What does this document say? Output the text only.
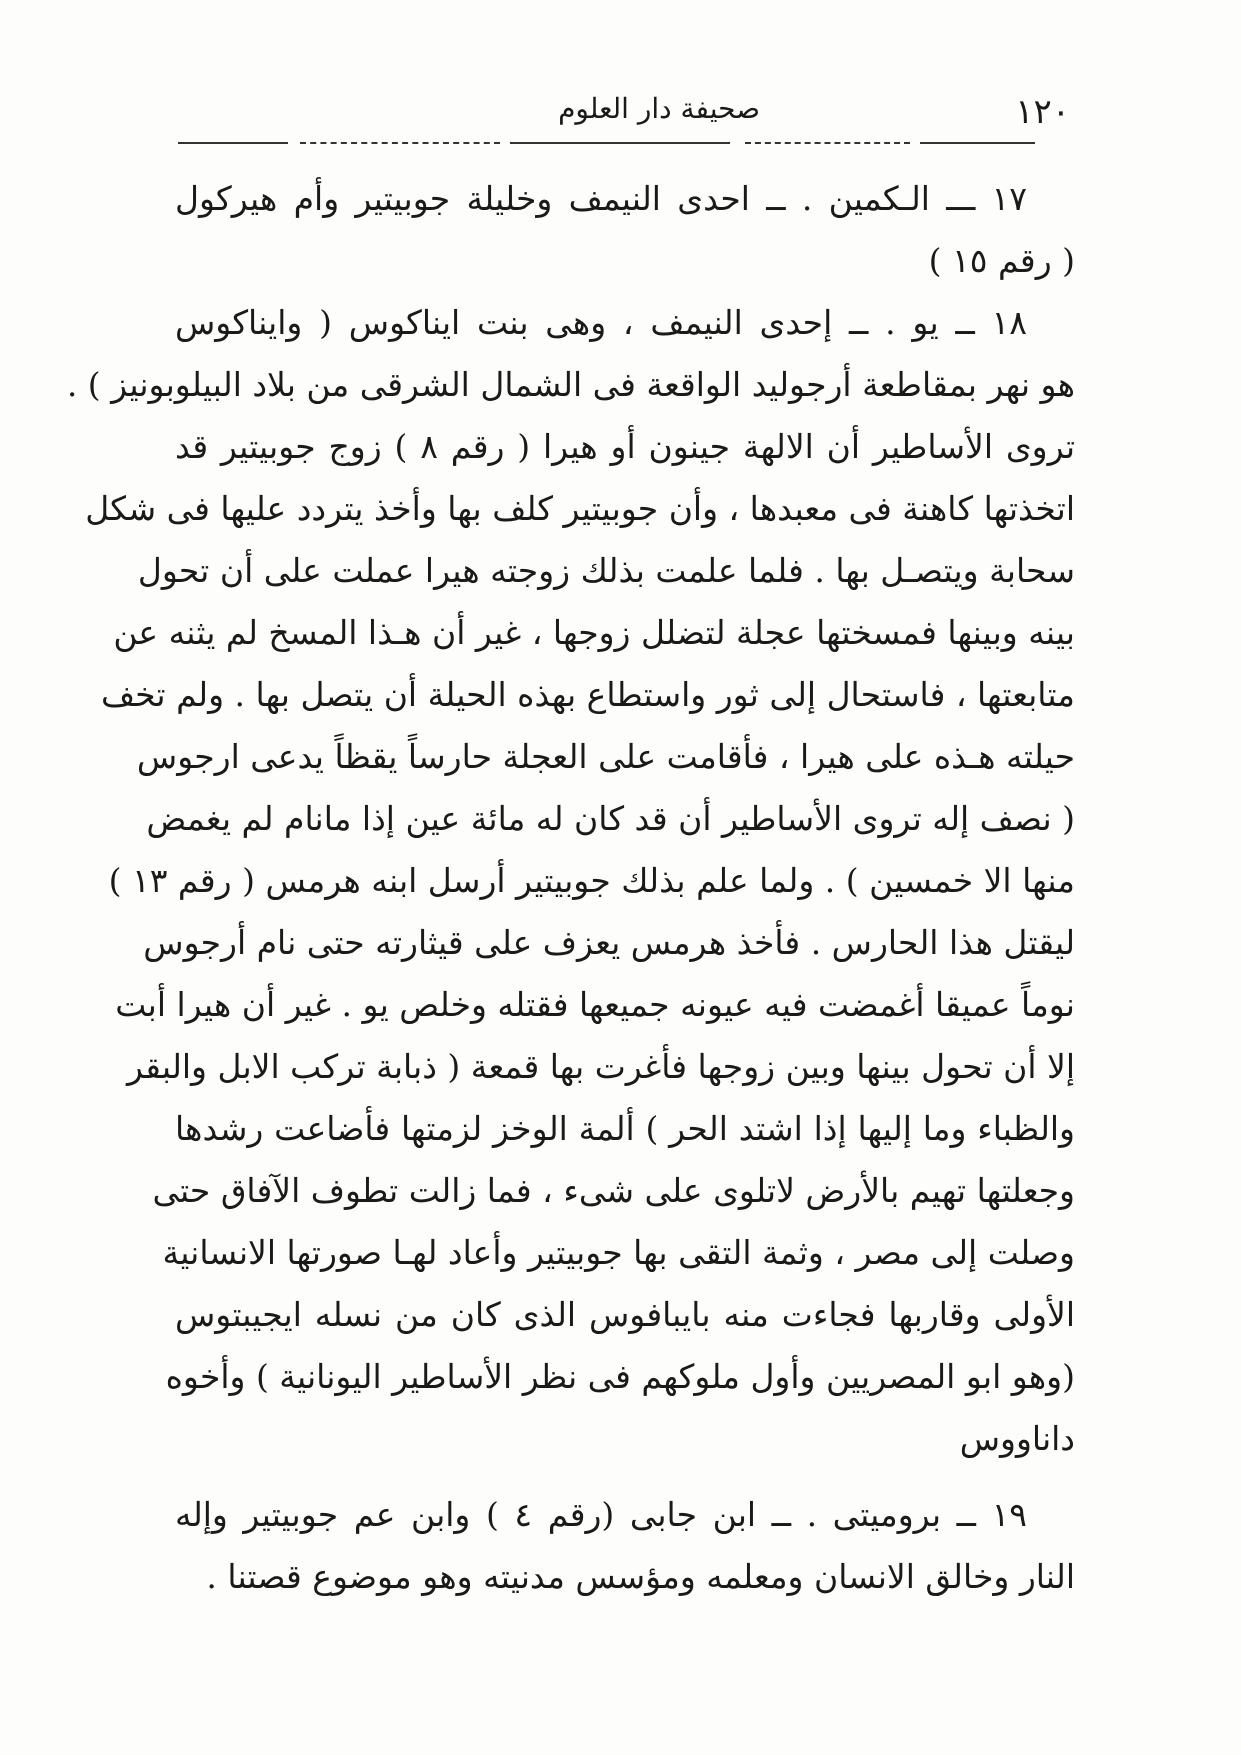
١٢٠
صحيفة دار العلوم
١٧ ـــ الـكمين . ــ احدى النيمف وخليلة جوبيتير وأم هيركول
( رقم ١٥ )
١٨ ــ يو . ــ إحدى النيمف ، وهى بنت ايناكوس ( وايناكوس
هو نهر بمقاطعة أرجوليد الواقعة فى الشمال الشرقى من بلاد البيلوبونيز ) .
تروى الأساطير أن الالهة جينون أو هيرا ( رقم ٨ ) زوج جوبيتير قد
اتخذتها كاهنة فى معبدها ، وأن جوبيتير كلف بها وأخذ يتردد عليها فى شكل
سحابة ويتصـل بها . فلما علمت بذلك زوجته هيرا عملت على أن تحول
بينه وبينها فمسختها عجلة لتضلل زوجها ، غير أن هـذا المسخ لم يثنه عن
متابعتها ، فاستحال إلى ثور واستطاع بهذه الحيلة أن يتصل بها . ولم تخف
حيلته هـذه على هيرا ، فأقامت على العجلة حارساً يقظاً يدعى ارجوس
( نصف إله تروى الأساطير أن قد كان له مائة عين إذا مانام لم يغمض
منها الا خمسين ) . ولما علم بذلك جوبيتير أرسل ابنه هرمس ( رقم ١٣ )
ليقتل هذا الحارس . فأخذ هرمس يعزف على قيثارته حتى نام أرجوس
نوماً عميقا أغمضت فيه عيونه جميعها فقتله وخلص يو . غير أن هيرا أبت
إلا أن تحول بينها وبين زوجها فأغرت بها قمعة ( ذبابة تركب الابل والبقر
والظباء وما إليها إذا اشتد الحر ) ألمة الوخز لزمتها فأضاعت رشدها
وجعلتها تهيم بالأرض لاتلوى على شىء ، فما زالت تطوف الآفاق حتى
وصلت إلى مصر ، وثمة التقى بها جوبيتير وأعاد لهـا صورتها الانسانية
الأولى وقاربها فجاءت منه بايبافوس الذى كان من نسله ايجيبتوس
(وهو ابو المصريين وأول ملوكهم فى نظر الأساطير اليونانية ) وأخوه
داناووس
١٩ ــ بروميتى . ــ ابن جابى (رقم ٤ ) وابن عم جوبيتير وإله
النار وخالق الانسان ومعلمه ومؤسس مدنيته وهو موضوع قصتنا .
